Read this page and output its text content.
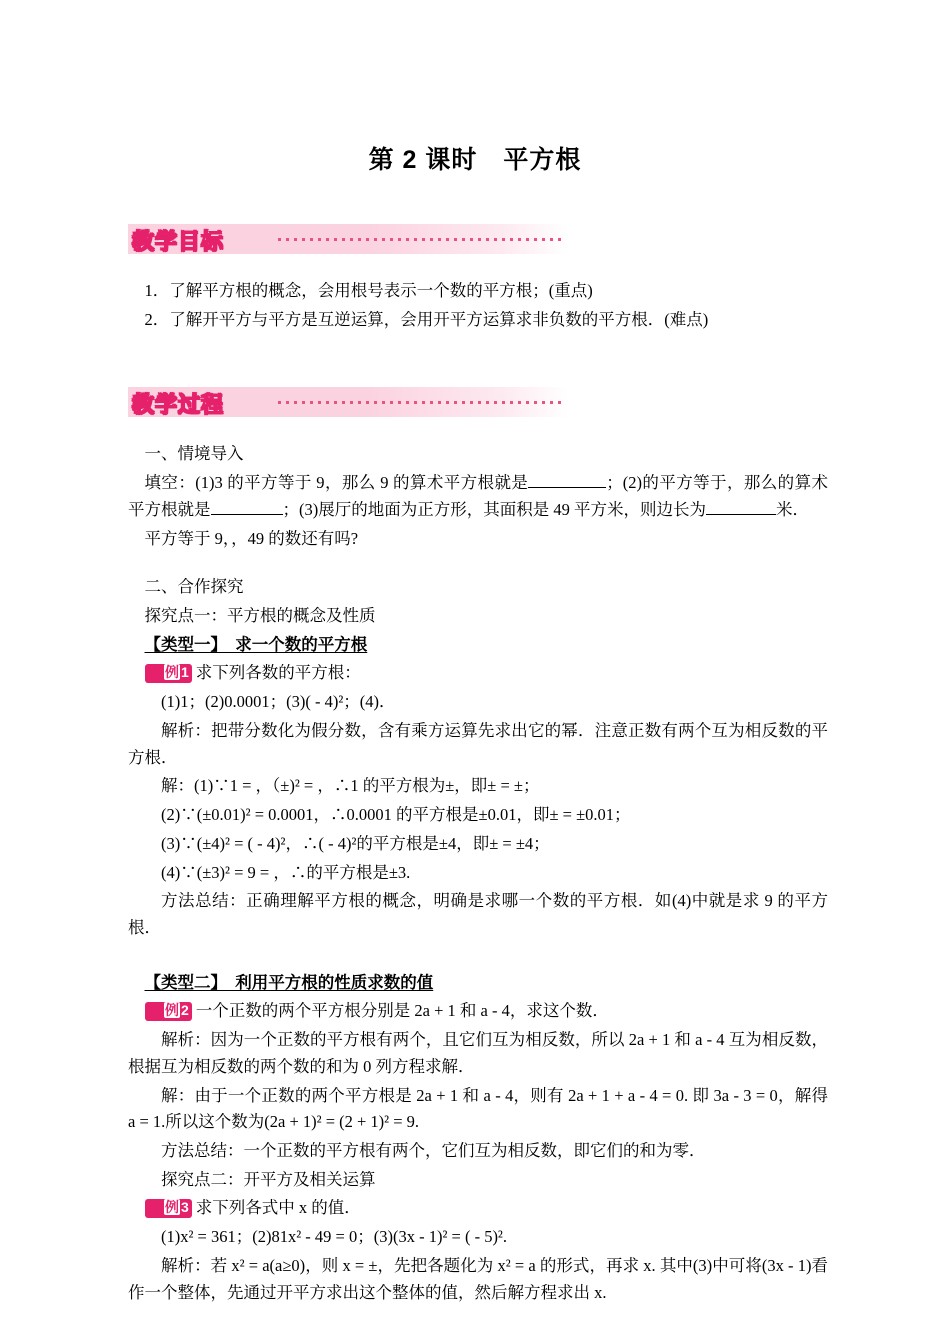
第 2 课时　平方根
教学目标

1．了解平方根的概念，会用根号表示一个数的平方根；(重点)

2．了解开平方与平方是互逆运算，会用开平方运算求非负数的平方根．(难点)

教学过程

一、情境导入

填空：(1)3 的平方等于 9，那么 9 的算术平方根就是	；(2)的平方等于，那么的算术平方根就是	；(3)展厅的地面为正方形，其面积是 49 平方米，则边长为	米．

平方等于 9，，49 的数还有吗?

二、合作探究

探究点一：平方根的概念及性质

【类型一】　求一个数的平方根

例 1 求下列各数的平方根：

(1)1；(2)0.0001；(3)( - 4)²；(4)．

解析：把带分数化为假分数，含有乘方运算先求出它的幂．注意正数有两个互为相反数的平方根．

解：(1)∵1 = ，（±)² = ，∴1 的平方根为±，即± = ±；

(2)∵(±0.01)² = 0.0001，∴0.0001 的平方根是±0.01，即± = ±0.01；

(3)∵(±4)² = ( - 4)²，∴( - 4)²的平方根是±4，即± = ±4；

(4)∵(±3)² = 9 = ，∴的平方根是±3.

方法总结：正确理解平方根的概念，明确是求哪一个数的平方根．如(4)中就是求 9 的平方根．

【类型二】　利用平方根的性质求数的值

例 2 一个正数的两个平方根分别是 2a + 1 和 a - 4，求这个数．

解析：因为一个正数的平方根有两个，且它们互为相反数，所以 2a + 1 和 a - 4 互为相反数，根据互为相反数的两个数的和为 0 列方程求解．

解：由于一个正数的两个平方根是 2a + 1 和 a - 4，则有 2a + 1 + a - 4 = 0. 即 3a - 3 = 0，解得 a = 1.所以这个数为(2a + 1)² = (2 + 1)² = 9.

方法总结：一个正数的平方根有两个，它们互为相反数，即它们的和为零．

探究点二：开平方及相关运算

例 3 求下列各式中 x 的值．

(1)x² = 361；(2)81x² - 49 = 0；(3)(3x - 1)² = ( - 5)².

解析：若 x² = a(a≥0)，则 x = ±，先把各题化为 x² = a 的形式，再求 x. 其中(3)中可将(3x - 1)看作一个整体，先通过开平方求出这个整体的值，然后解方程求出 x.
